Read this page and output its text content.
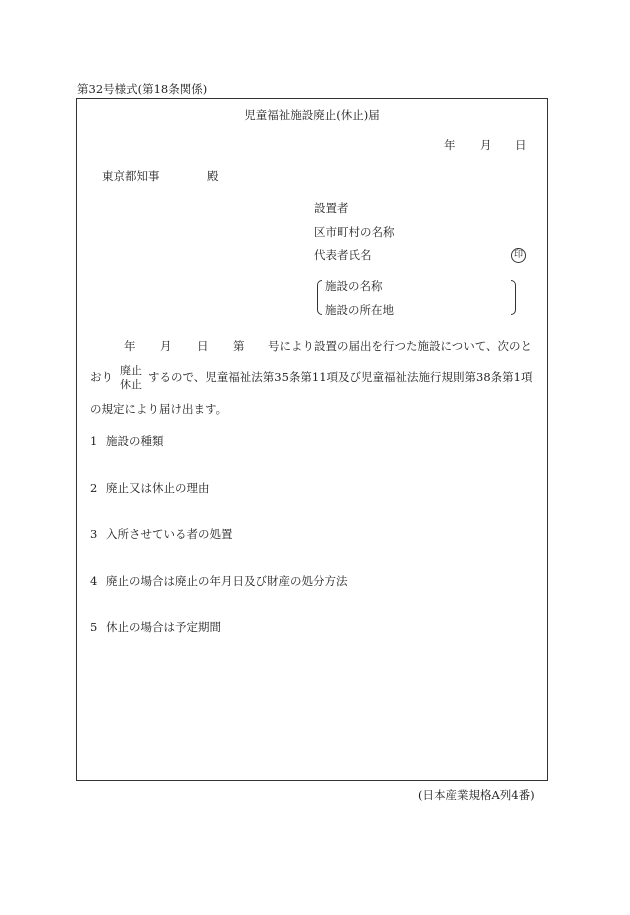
第32号様式(第18条関係)
児童福祉施設廃止(休止)届
年 月 日
東京都知事	殿
設置者
区市町村の名称
代表者氏名	印
施設の名称
施設の所在地
年 月 日 第 号により設置の届出を行つた施設について、次のと
おり 廃止
休止
するので、児童福祉法第35条第11項及び児童福祉法施行規則第38条第1項
の規定により届け出ます。
1 施設の種類
2 廃止又は休止の理由
3 入所させている者の処置
4 廃止の場合は廃止の年月日及び財産の処分方法
5 休止の場合は予定期間
(日本産業規格A列4番)
